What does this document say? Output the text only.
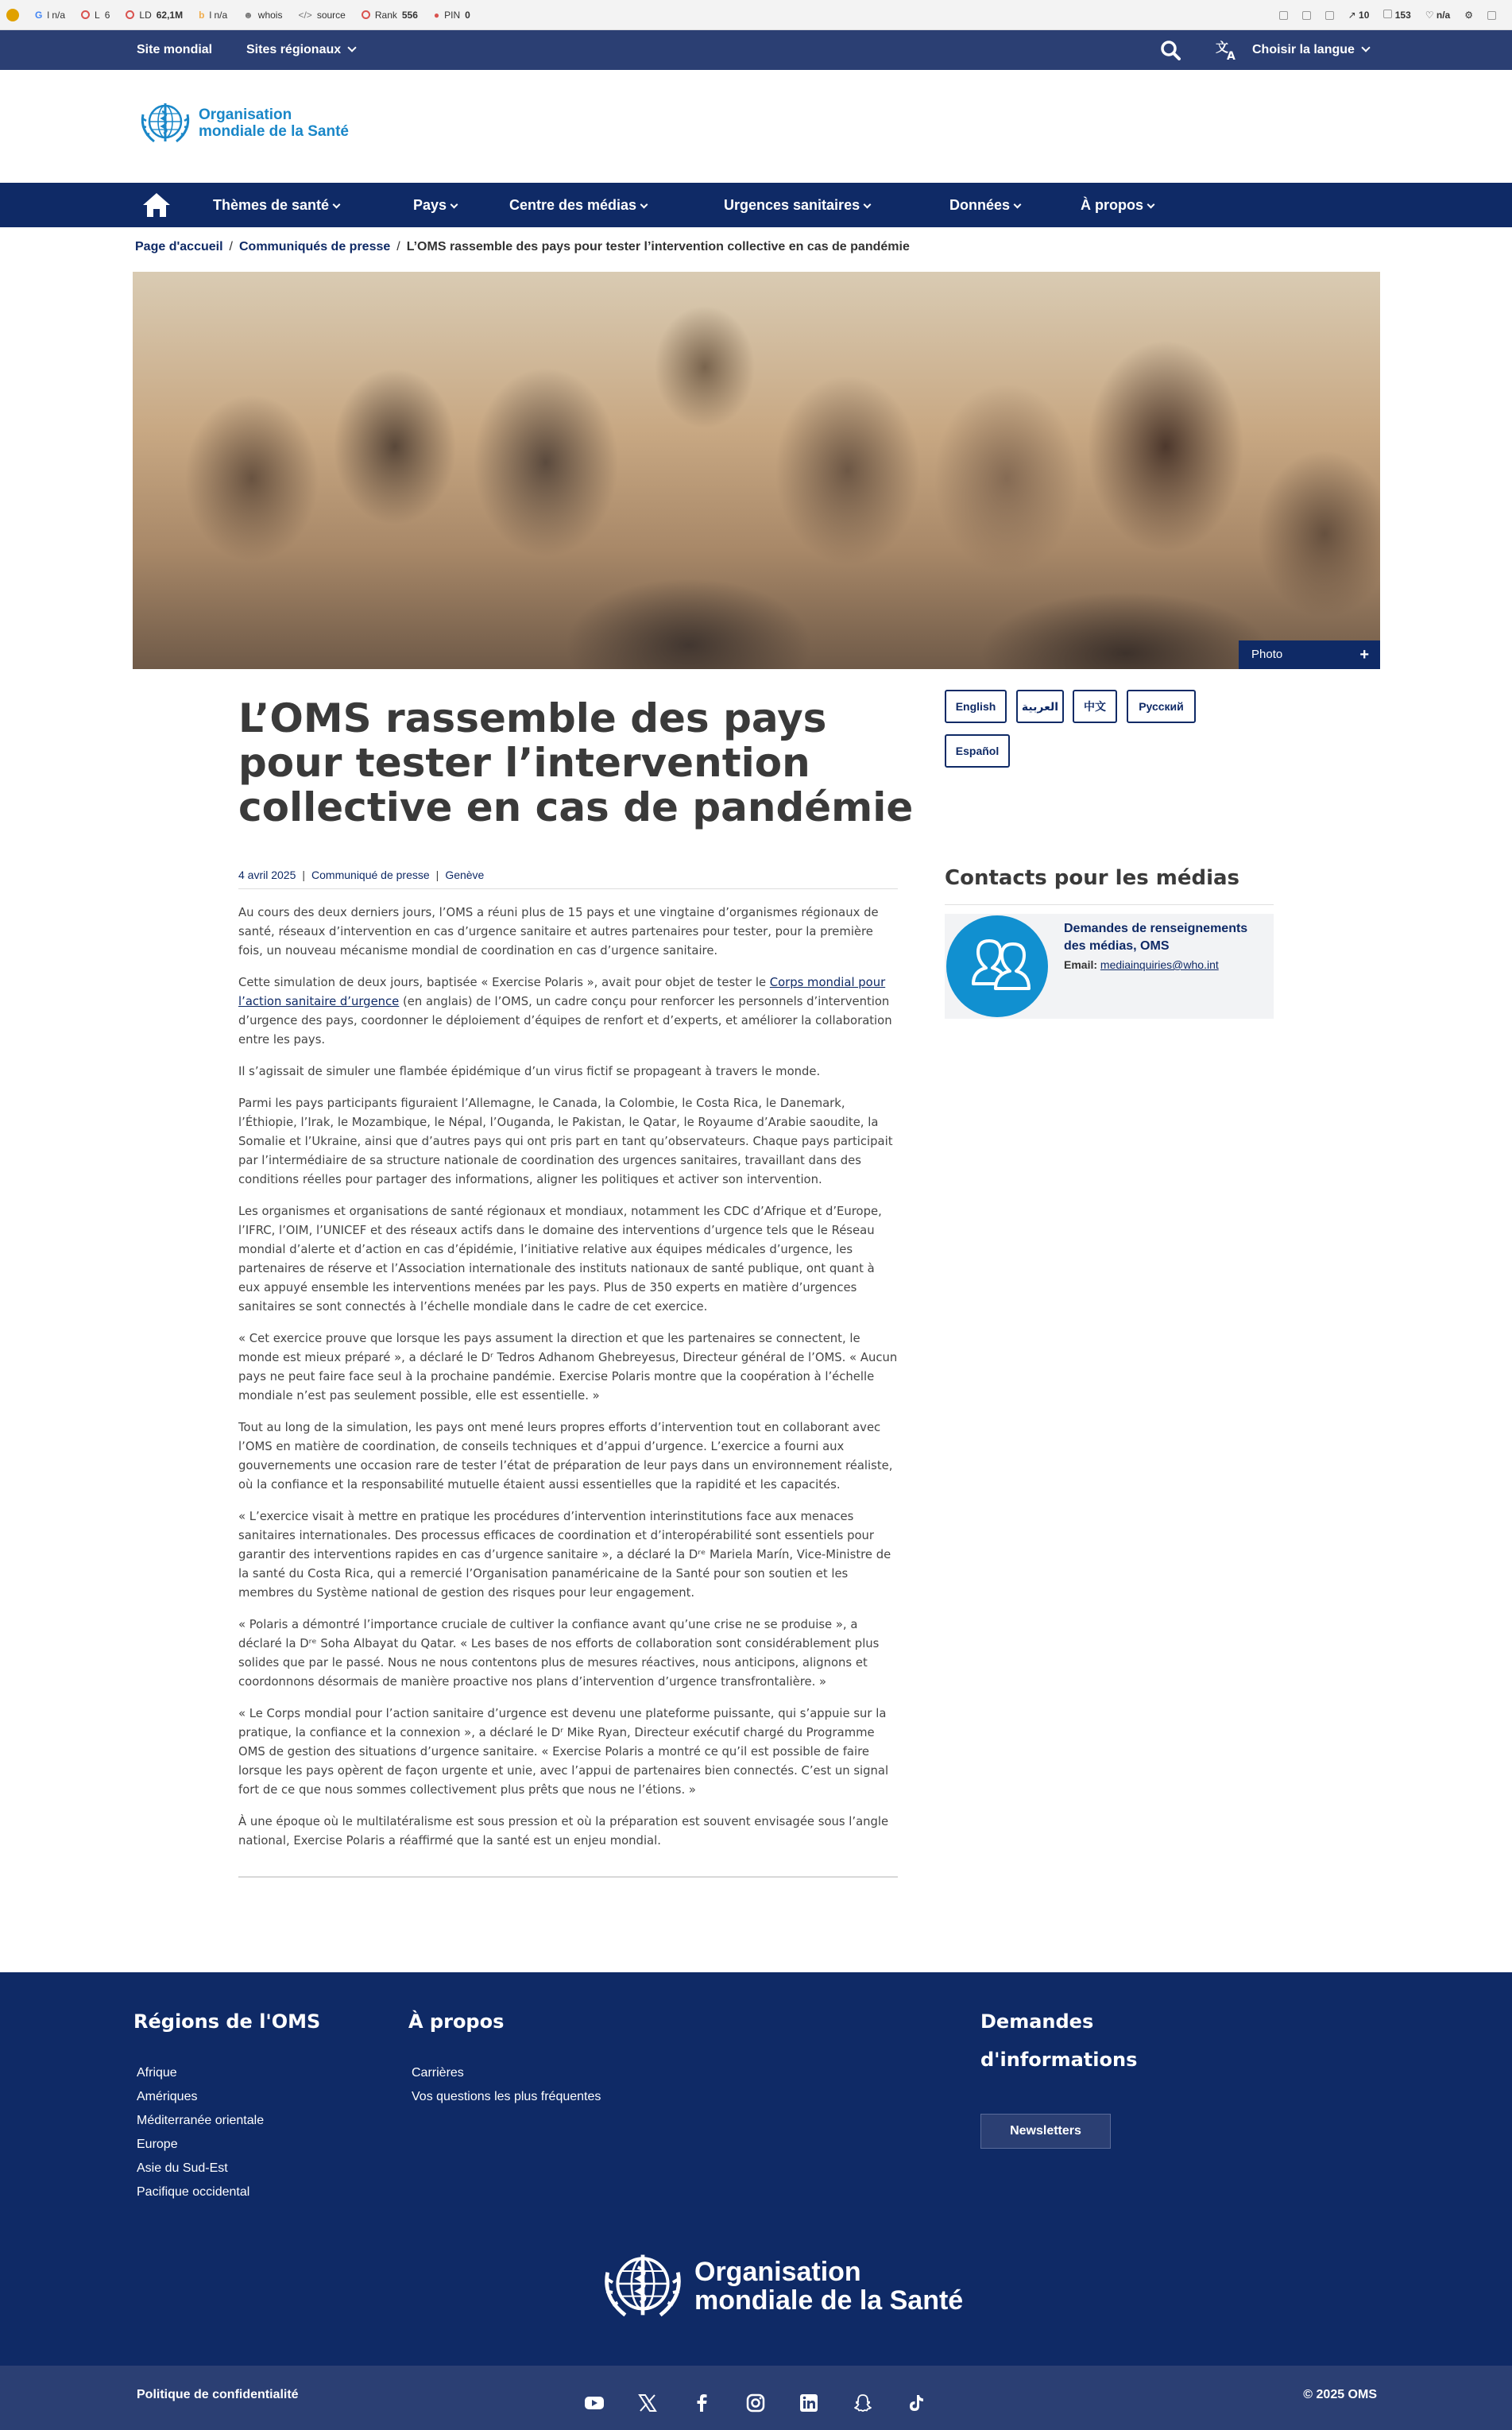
G l n/a	L 6	LD 62,1M b l n/a ☻ whois </> source	Rank 556 ● PIN 0	↗ 10	153 ♡ n/a ⚙
Site mondial	Sites régionaux	文
A Choisir la langue
Organisation
mondiale de la Santé
Thèmes de santé	Pays	Centre des médias	Urgences sanitaires	Données	À propos
Page d'accueil / Communiqués de presse / L’OMS rassemble des pays pour tester l’intervention collective en cas de pandémie
Photo	+
L’OMS rassemble des pays pour tester l’intervention collective en cas de pandémie
4 avril 2025 | Communiqué de presse | Genève

Au cours des deux derniers jours, l’OMS a réuni plus de 15 pays et une vingtaine d’organismes régionaux de santé, réseaux d’intervention en cas d’urgence sanitaire et autres partenaires pour tester, pour la première fois, un nouveau mécanisme mondial de coordination en cas d’urgence sanitaire.

Cette simulation de deux jours, baptisée « Exercise Polaris », avait pour objet de tester le Corps mondial pour l’action sanitaire d’urgence (en anglais) de l’OMS, un cadre conçu pour renforcer les personnels d’intervention d’urgence des pays, coordonner le déploiement d’équipes de renfort et d’experts, et améliorer la collaboration entre les pays.

Il s’agissait de simuler une flambée épidémique d’un virus fictif se propageant à travers le monde.

Parmi les pays participants figuraient l’Allemagne, le Canada, la Colombie, le Costa Rica, le Danemark, l’Éthiopie, l’Irak, le Mozambique, le Népal, l’Ouganda, le Pakistan, le Qatar, le Royaume d’Arabie saoudite, la Somalie et l’Ukraine, ainsi que d’autres pays qui ont pris part en tant qu’observateurs. Chaque pays participait par l’intermédiaire de sa structure nationale de coordination des urgences sanitaires, travaillant dans des conditions réelles pour partager des informations, aligner les politiques et activer son intervention.

Les organismes et organisations de santé régionaux et mondiaux, notamment les CDC d’Afrique et d’Europe, l’IFRC, l’OIM, l’UNICEF et des réseaux actifs dans le domaine des interventions d’urgence tels que le Réseau mondial d’alerte et d’action en cas d’épidémie, l’initiative relative aux équipes médicales d’urgence, les partenaires de réserve et l’Association internationale des instituts nationaux de santé publique, ont quant à eux appuyé ensemble les interventions menées par les pays. Plus de 350 experts en matière d’urgences sanitaires se sont connectés à l’échelle mondiale dans le cadre de cet exercice.

« Cet exercice prouve que lorsque les pays assument la direction et que les partenaires se connectent, le monde est mieux préparé », a déclaré le Dʳ Tedros Adhanom Ghebreyesus, Directeur général de l’OMS. « Aucun pays ne peut faire face seul à la prochaine pandémie. Exercise Polaris montre que la coopération à l’échelle mondiale n’est pas seulement possible, elle est essentielle. »

Tout au long de la simulation, les pays ont mené leurs propres efforts d’intervention tout en collaborant avec l’OMS en matière de coordination, de conseils techniques et d’appui d’urgence. L’exercice a fourni aux gouvernements une occasion rare de tester l’état de préparation de leur pays dans un environnement réaliste, où la confiance et la responsabilité mutuelle étaient aussi essentielles que la rapidité et les capacités.

« L’exercice visait à mettre en pratique les procédures d’intervention interinstitutions face aux menaces sanitaires internationales. Des processus efficaces de coordination et d’interopérabilité sont essentiels pour garantir des interventions rapides en cas d’urgence sanitaire », a déclaré la Dʳᵉ Mariela Marín, Vice-Ministre de la santé du Costa Rica, qui a remercié l’Organisation panaméricaine de la Santé pour son soutien et les membres du Système national de gestion des risques pour leur engagement.

« Polaris a démontré l’importance cruciale de cultiver la confiance avant qu’une crise ne se produise », a déclaré la Dʳᵉ Soha Albayat du Qatar. « Les bases de nos efforts de collaboration sont considérablement plus solides que par le passé. Nous ne nous contentons plus de mesures réactives, nous anticipons, alignons et coordonnons désormais de manière proactive nos plans d’intervention d’urgence transfrontalière. »

« Le Corps mondial pour l’action sanitaire d’urgence est devenu une plateforme puissante, qui s’appuie sur la pratique, la confiance et la connexion », a déclaré le Dʳ Mike Ryan, Directeur exécutif chargé du Programme OMS de gestion des situations d’urgence sanitaire. « Exercise Polaris a montré ce qu’il est possible de faire lorsque les pays opèrent de façon urgente et unie, avec l’appui de partenaires bien connectés. C’est un signal fort de ce que nous sommes collectivement plus prêts que nous ne l’étions. »

À une époque où le multilatéralisme est sous pression et où la préparation est souvent envisagée sous l’angle national, Exercise Polaris a réaffirmé que la santé est un enjeu mondial.

English	العربية	中文	Русский
Español
Contacts pour les médias
Demandes de renseignements des médias, OMS
Email: mediainquiries@who.int
Régions de l'OMS
Afrique
Amériques
Méditerranée orientale
Europe
Asie du Sud-Est
Pacifique occidental
À propos
Carrières
Vos questions les plus fréquentes
Demandes
d'informations
Newsletters
Organisation
mondiale de la Santé
Politique de confidentialité	© 2025 OMS
